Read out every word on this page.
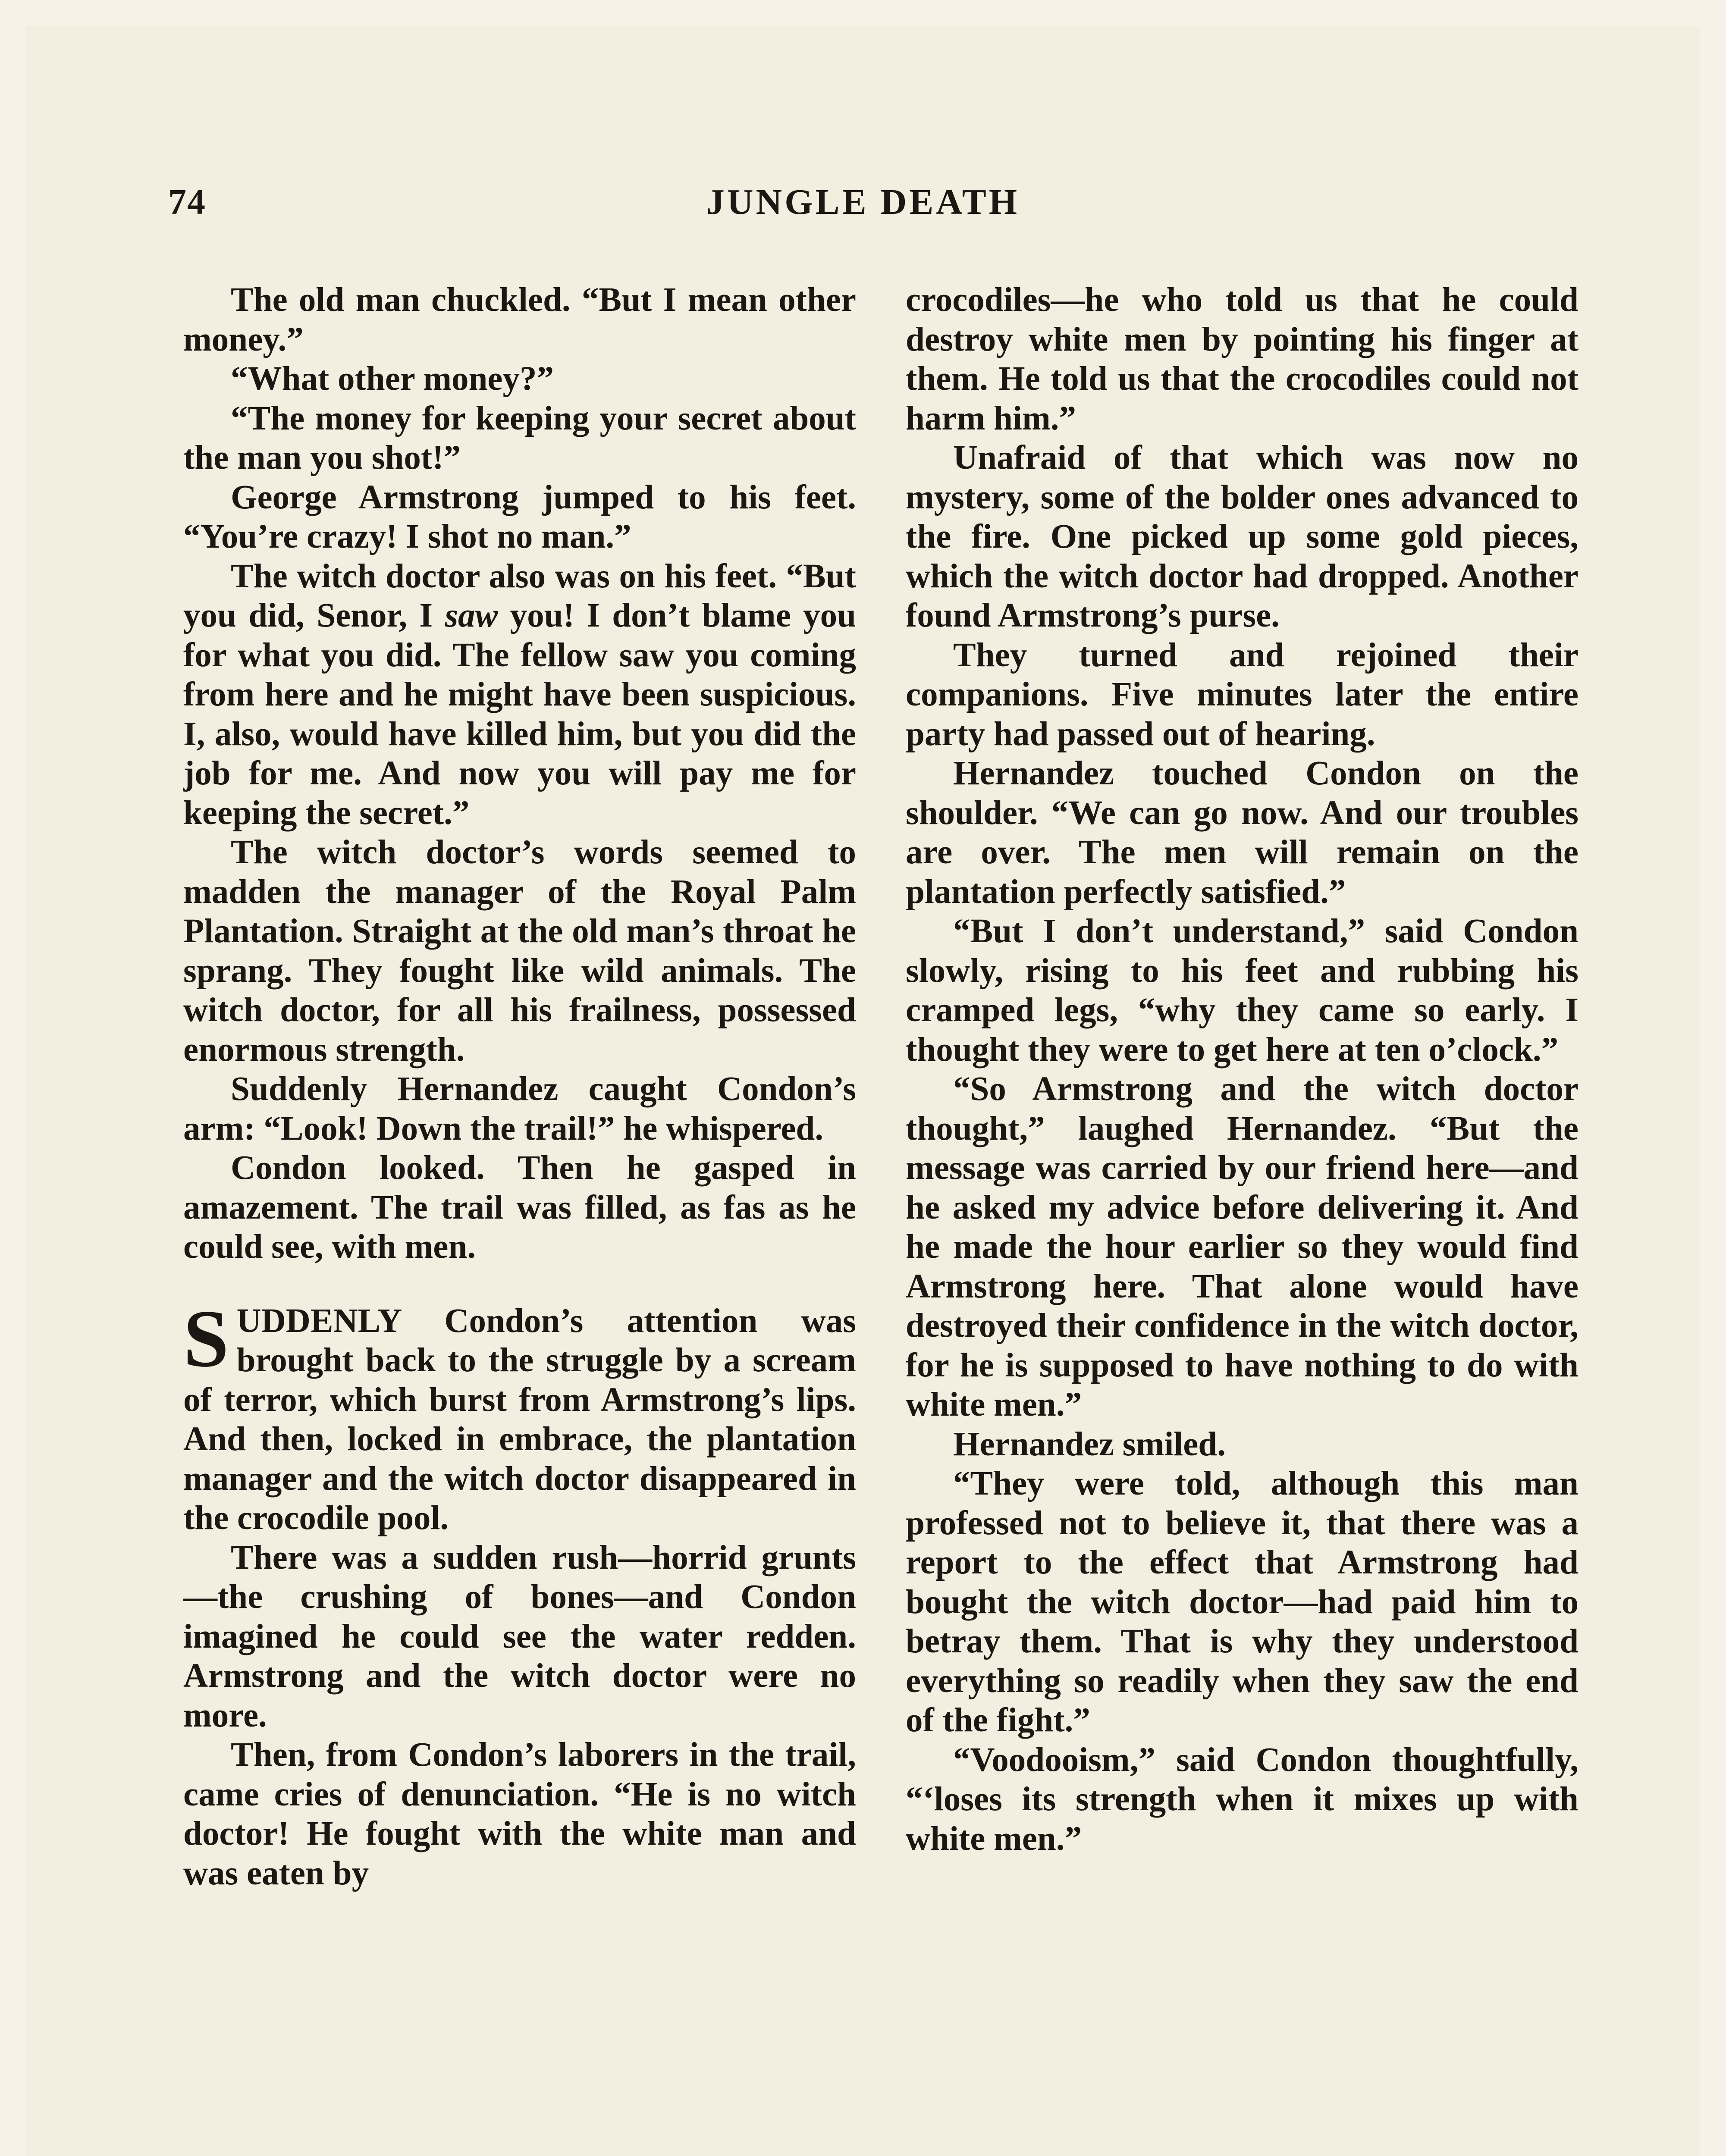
74	JUNGLE DEATH

The old man chuckled. “But I mean other money.”

“What other money?”

“The money for keeping your secret about the man you shot!”

George Armstrong jumped to his feet. “You’re crazy! I shot no man.”

The witch doctor also was on his feet. “But you did, Senor, I saw you! I don’t blame you for what you did. The fellow saw you coming from here and he might have been suspicious. I, also, would have killed him, but you did the job for me. And now you will pay me for keeping the secret.”

The witch doctor’s words seemed to madden the manager of the Royal Palm Plantation. Straight at the old man’s throat he sprang. They fought like wild animals. The witch doctor, for all his frailness, possessed enormous strength.

Suddenly Hernandez caught Condon’s arm: “Look! Down the trail!” he whispered.

Condon looked. Then he gasped in amazement. The trail was filled, as fas as he could see, with men.

SUDDENLY Condon’s attention was brought back to the struggle by a scream of terror, which burst from Armstrong’s lips. And then, locked in embrace, the plantation manager and the witch doctor disappeared in the crocodile pool.

There was a sudden rush—horrid grunts—the crushing of bones—and Condon imagined he could see the water redden. Armstrong and the witch doctor were no more.

Then, from Condon’s laborers in the trail, came cries of denunciation. “He is no witch doctor! He fought with the white man and was eaten by

crocodiles—he who told us that he could destroy white men by pointing his finger at them. He told us that the crocodiles could not harm him.”

Unafraid of that which was now no mystery, some of the bolder ones advanced to the fire. One picked up some gold pieces, which the witch doctor had dropped. Another found Armstrong’s purse.

They turned and rejoined their companions. Five minutes later the entire party had passed out of hearing.

Hernandez touched Condon on the shoulder. “We can go now. And our troubles are over. The men will remain on the plantation perfectly satisfied.”

“But I don’t understand,” said Condon slowly, rising to his feet and rubbing his cramped legs, “why they came so early. I thought they were to get here at ten o’clock.”

“So Armstrong and the witch doctor thought,” laughed Hernandez. “But the message was carried by our friend here—and he asked my advice before delivering it. And he made the hour earlier so they would find Armstrong here. That alone would have destroyed their confidence in the witch doctor, for he is supposed to have nothing to do with white men.”

Hernandez smiled.

“They were told, although this man professed not to believe it, that there was a report to the effect that Armstrong had bought the witch doctor—had paid him to betray them. That is why they understood everything so readily when they saw the end of the fight.”

“Voodooism,” said Condon thoughtfully, “‘loses its strength when it mixes up with white men.”
